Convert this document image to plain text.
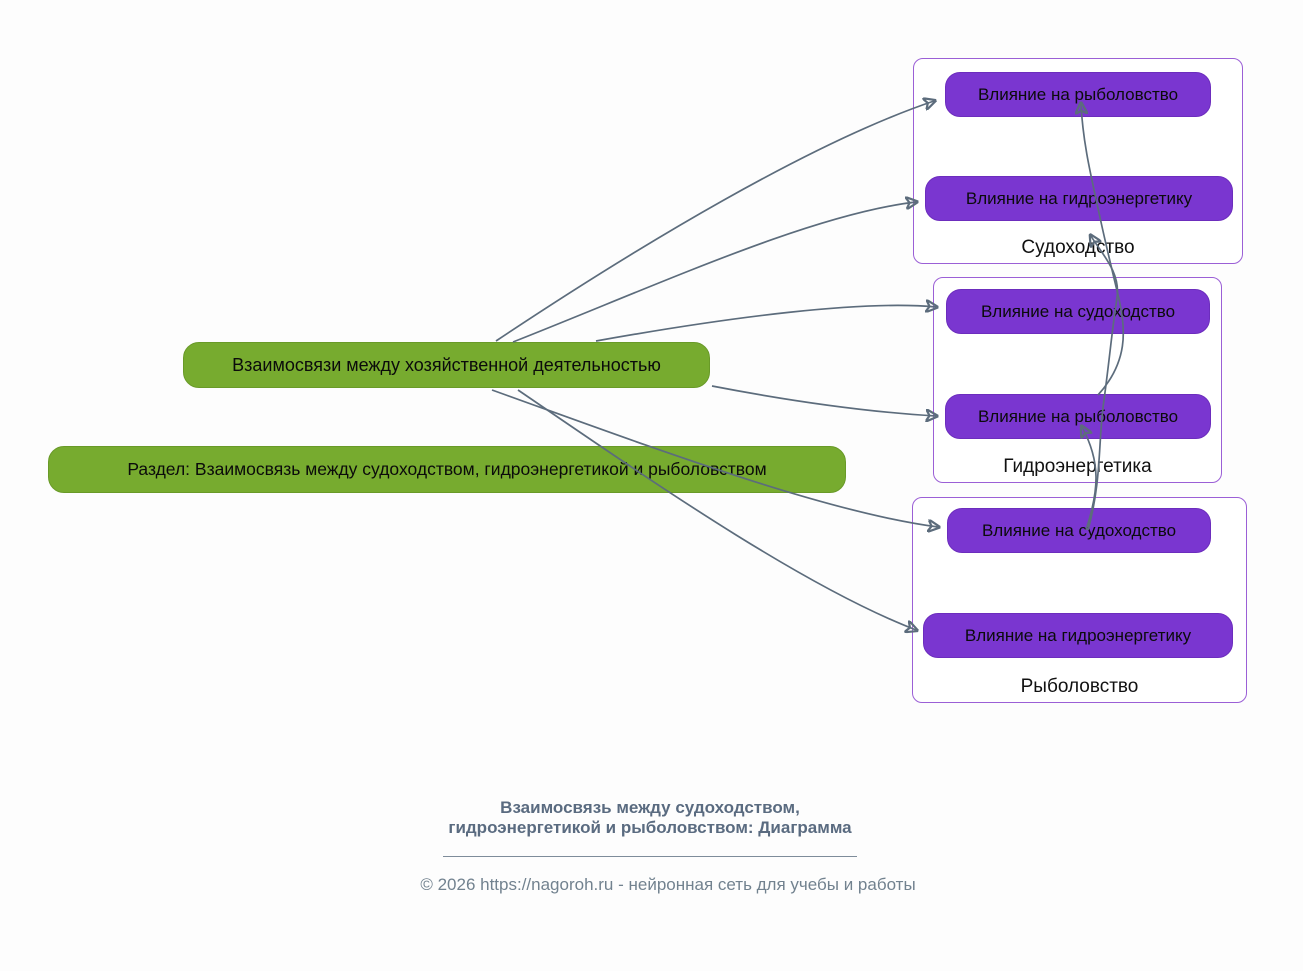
Судоходство
Гидроэнергетика
Рыболовство
Влияние на рыболовство
Влияние на гидроэнергетику
Влияние на судоходство
Влияние на рыболовство
Влияние на судоходство
Влияние на гидроэнергетику
Взаимосвязи между хозяйственной деятельностью
Раздел: Взаимосвязь между судоходством, гидроэнергетикой и рыболовством
Взаимосвязь между судоходством,
гидроэнергетикой и рыболовством: Диаграмма
© 2026 https://nagoroh.ru - нейронная сеть для учебы и работы
